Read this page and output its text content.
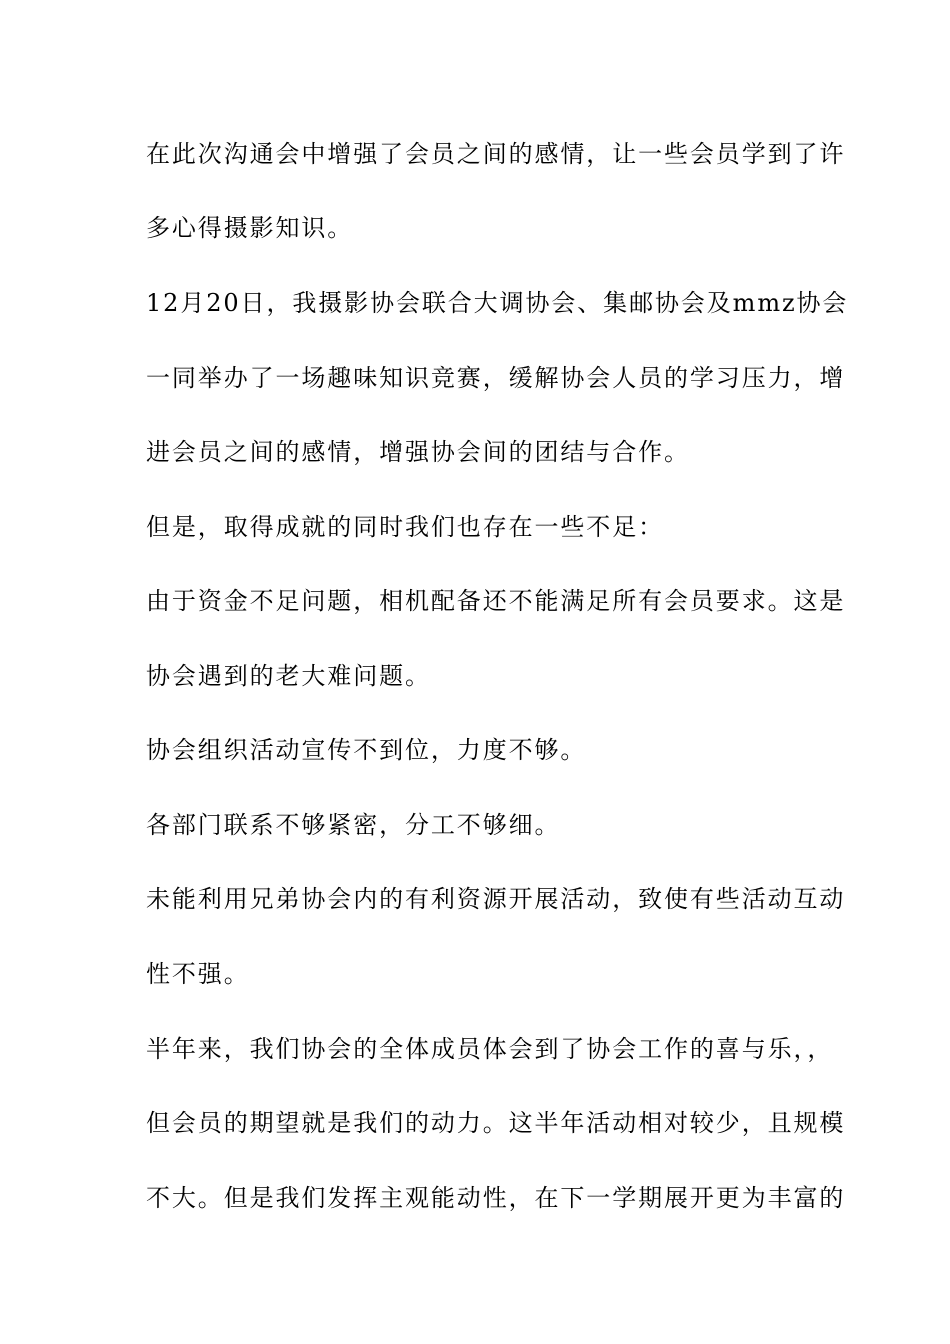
在此次沟通会中增强了会员之间的感情，让一些会员学到了许
多心得摄影知识。
12月20日，我摄影协会联合大调协会、集邮协会及mmz协会
一同举办了一场趣味知识竞赛，缓解协会人员的学习压力，增
进会员之间的感情，增强协会间的团结与合作。
但是，取得成就的同时我们也存在一些不足：
由于资金不足问题，相机配备还不能满足所有会员要求。这是
协会遇到的老大难问题。
协会组织活动宣传不到位，力度不够。
各部门联系不够紧密，分工不够细。
未能利用兄弟协会内的有利资源开展活动，致使有些活动互动
性不强。
半年来，我们协会的全体成员体会到了协会工作的喜与乐，，
但会员的期望就是我们的动力。这半年活动相对较少，且规模
不大。但是我们发挥主观能动性，在下一学期展开更为丰富的
